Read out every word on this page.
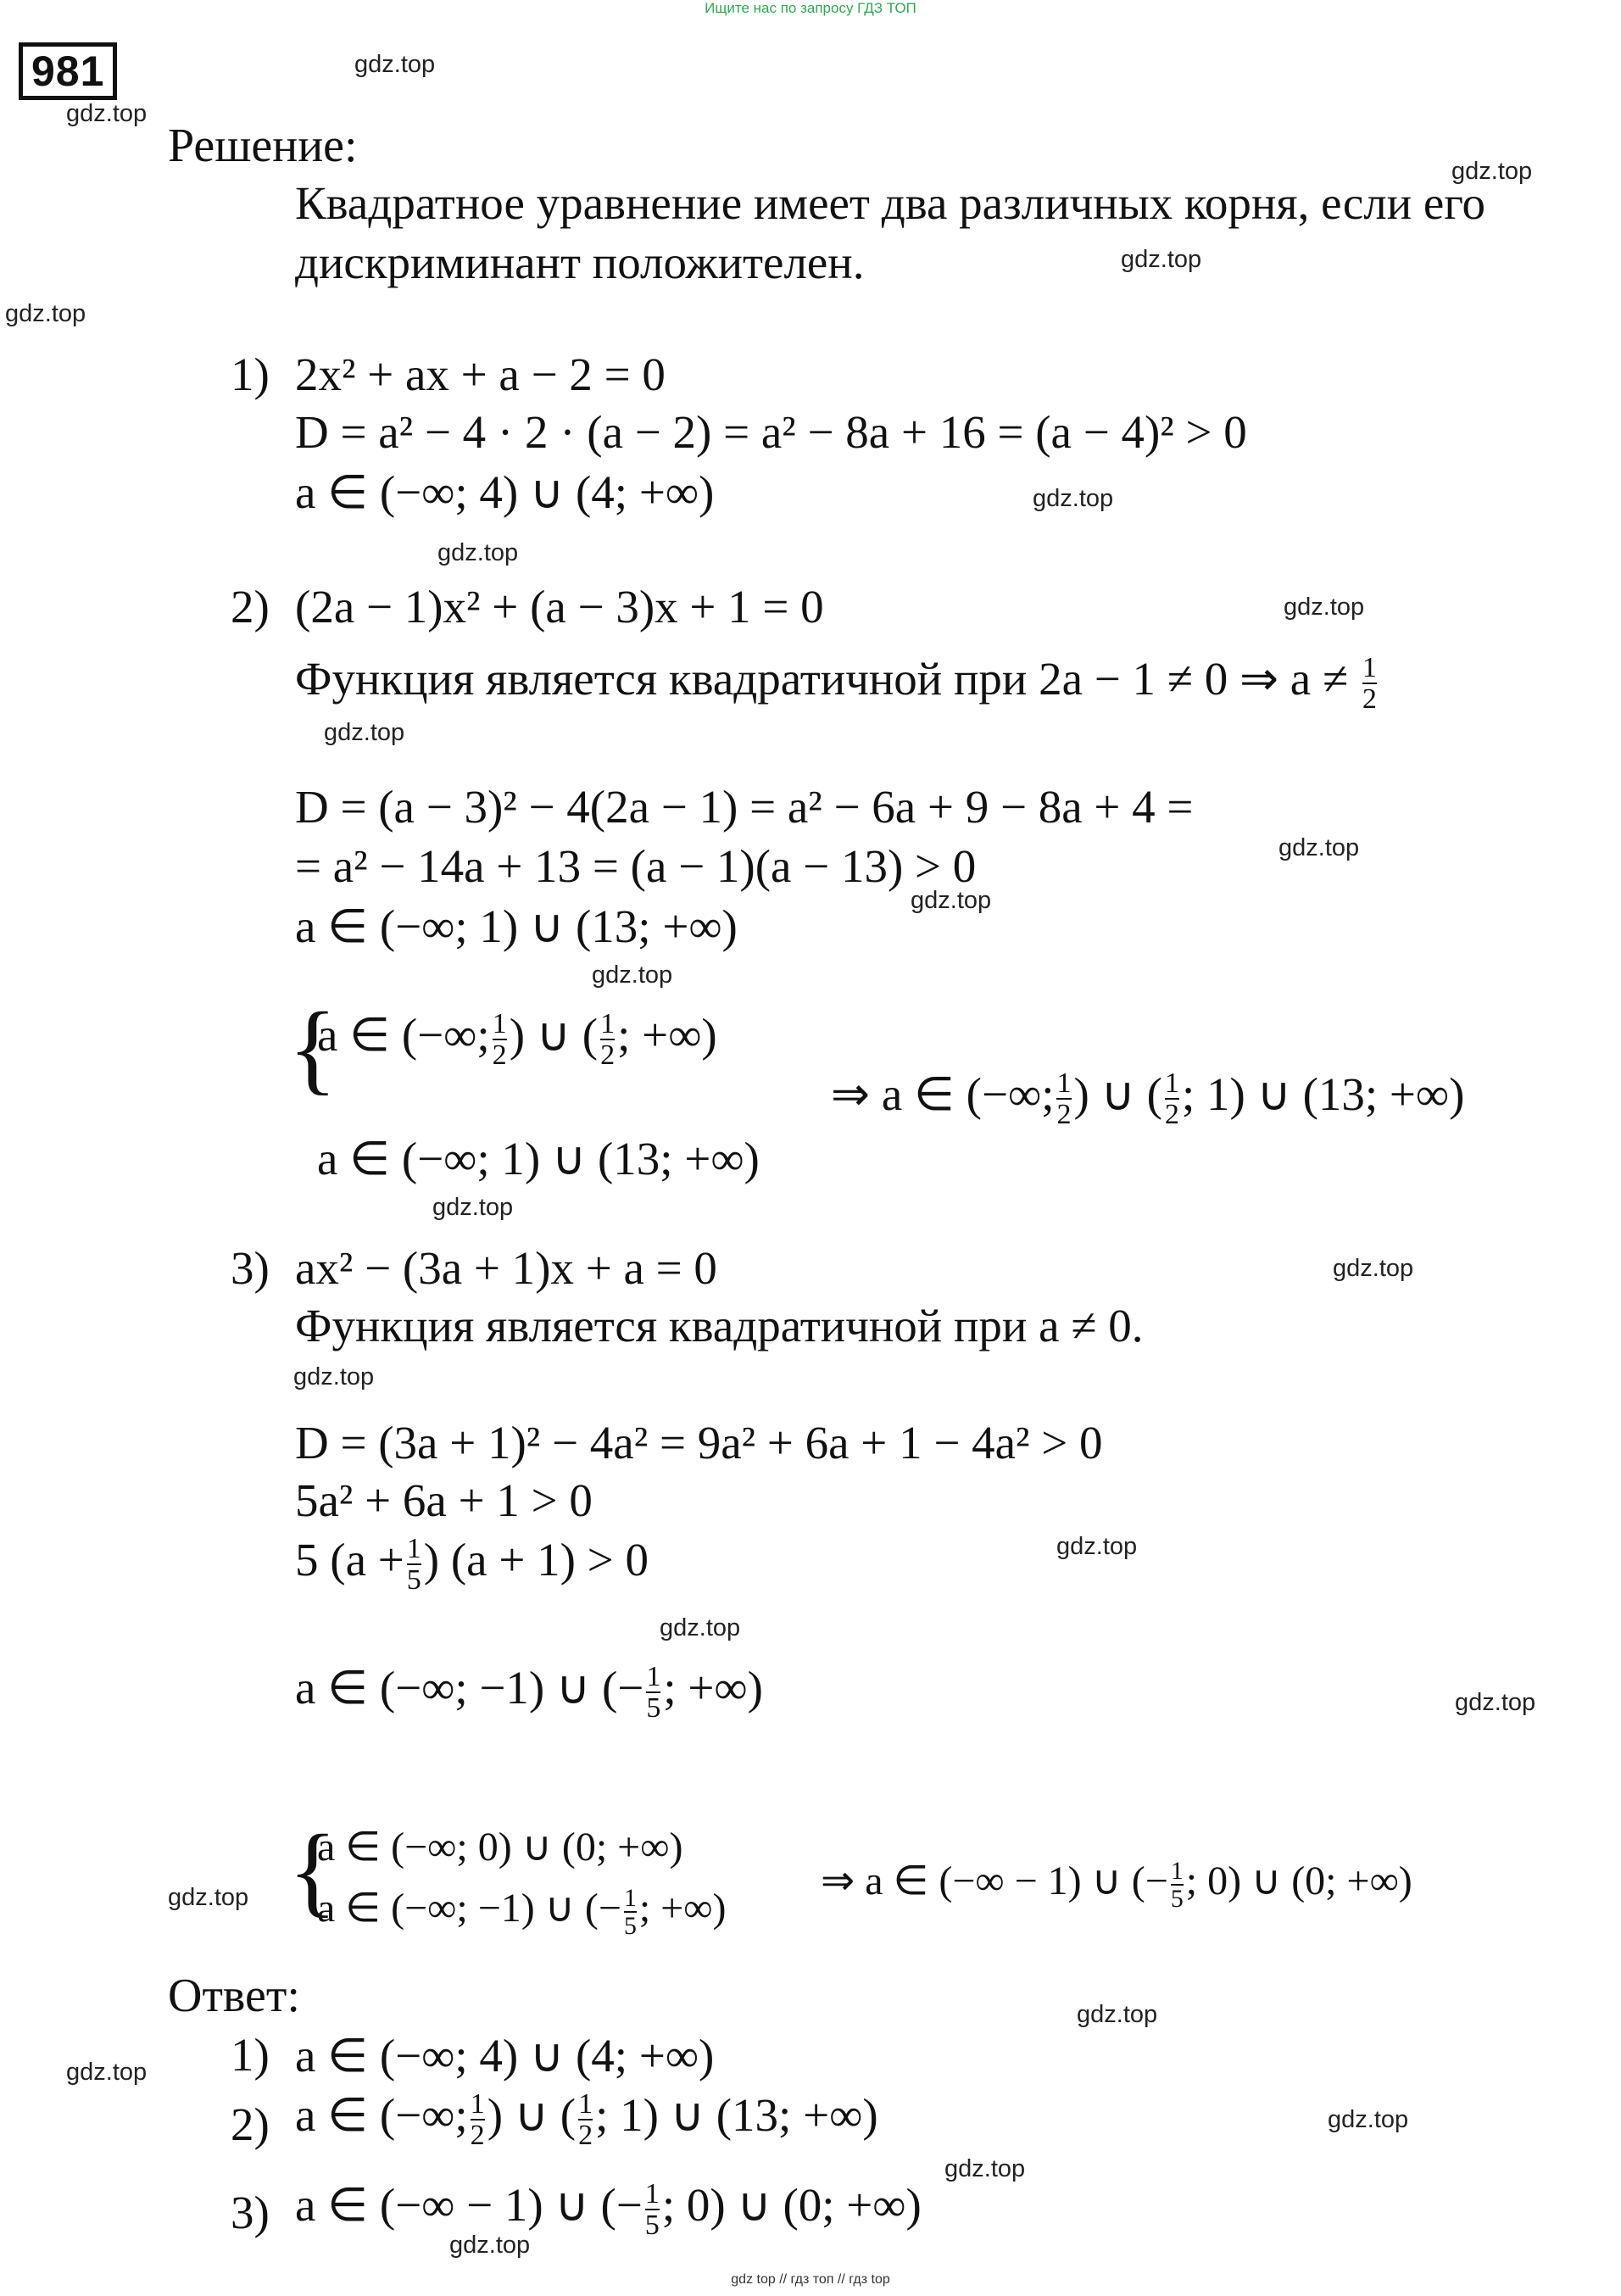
Ищите нас по запросу ГДЗ ТОП
981	gdz.top
gdz.top
gdz.top
gdz.top
gdz.top
gdz.top
gdz.top
gdz.top
gdz.top
gdz.top
gdz.top
gdz.top
gdz.top
gdz.top
gdz.top
gdz.top
gdz.top
gdz.top
gdz.top
gdz.top
gdz.top
gdz.top
gdz.top
gdz.top
Решение:
Квадратное уравнение имеет два различных корня, если его
дискриминант положителен.
1) 2x² + ax + a − 2 = 0
D = a² − 4 · 2 · (a − 2) = a² − 8a + 16 = (a − 4)² > 0
a ∈ (−∞; 4) ∪ (4; +∞)
2) (2a − 1)x² + (a − 3)x + 1 = 0
Функция является квадратичной при 2a − 1 ≠ 0 ⇒ $a \ne \frac{1}{2}$
D = (a − 3)² − 4(2a − 1) = a² − 6a + 9 − 8a + 4 =
= a² − 14a + 13 = (a − 1)(a − 13) > 0
a ∈ (−∞; 1) ∪ (13; +∞)
{
a ∈ (−∞; $\frac{1}{2}$ ) ∪ ( $\frac{1}{2}$ ; +∞)
a ∈ (−∞; 1) ∪ (13; +∞)
⇒ a ∈ (−∞; $\frac{1}{2}$ ) ∪ ( $\frac{1}{2}$ ; 1) ∪ (13; +∞)
3) ax² − (3a + 1)x + a = 0
Функция является квадратичной при a ≠ 0.
D = (3a + 1)² − 4a² = 9a² + 6a + 1 − 4a² > 0
5a² + 6a + 1 > 0
5 ($a + \frac{1}{5}$ ) (a + 1) > 0
a ∈ (−∞; −1) ∪ (− $\frac{1}{5}$ ; +∞)
{
a ∈ (−∞; 0) ∪ (0; +∞)
a ∈ (−∞; −1) ∪ (− $\frac{1}{5}$ ; +∞)
⇒ a ∈ (−∞ − 1) ∪ (− $\frac{1}{5}$ ; 0) ∪ (0; +∞)
Ответ:
1) a ∈ (−∞; 4) ∪ (4; +∞)
2) a ∈ (−∞; $\frac{1}{2}$ ) ∪ ( $\frac{1}{2}$ ; 1) ∪ (13; +∞)
3) a ∈ (−∞ − 1) ∪ (− $\frac{1}{5}$ ; 0) ∪ (0; +∞)
gdz top // гдз топ // гдз top
